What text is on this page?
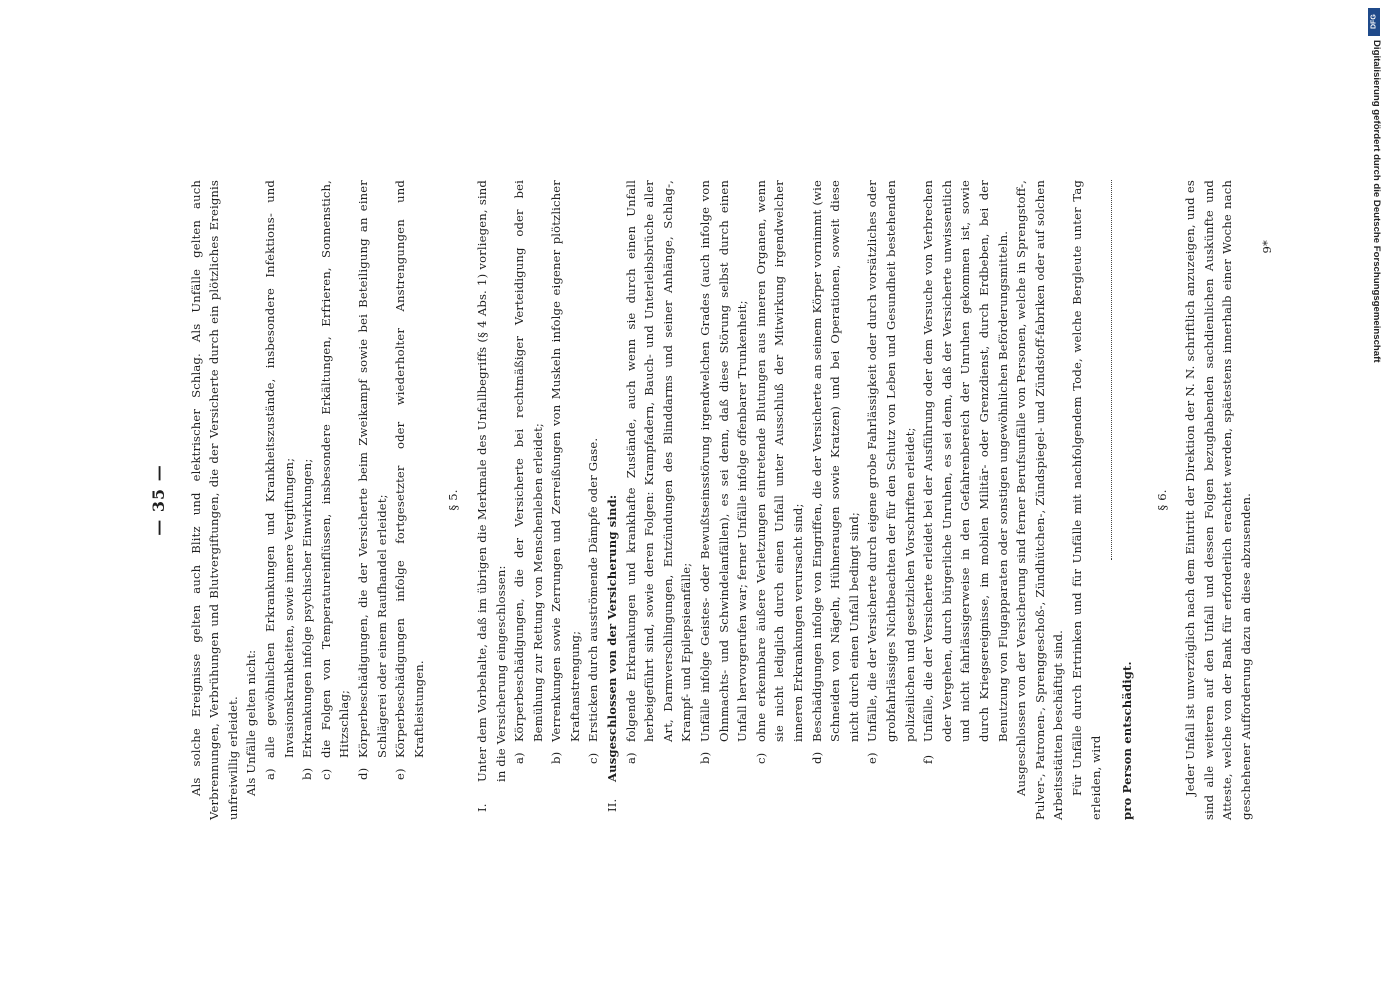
— 35 — Als solche Ereignisse gelten auch Blitz und elektrischer Schlag. Als Unfälle gelten auch Verbrennungen, Verbrühungen und Blutvergiftungen, die der Versicherte durch ein plötzliches Ereignis unfreiwillig erleidet. Als Unfälle gelten nicht: a)
alle gewöhnlichen Erkrankungen und Krankheitszustände, insbesondere Infektions- und Invasionskrankheiten, sowie innere Vergiftungen;
b)
Erkrankungen infolge psychischer Einwirkungen;
c)
die Folgen von Temperatureinflüssen, insbesondere Erkältungen, Erfrieren, Sonnenstich, Hitzschlag;
d)
Körperbeschädigungen, die der Versicherte beim Zweikampf sowie bei Beteiligung an einer Schlägerei oder einem Raufhandel erleidet;
e)
Körperbeschädigungen infolge fortgesetzter oder wiederholter Anstrengungen und Kraftleistungen.
§ 5.
I.
Unter dem Vorbehalte, daß im übrigen die Merkmale des Unfallbegriffs (§ 4 Abs. 1) vorliegen, sind in die Versicherung eingeschlossen: a)
Körperbeschädigungen, die der Versicherte bei rechtmäßiger Verteidigung oder bei Bemühung zur Rettung von Menschenleben erleidet;
b)
Verrenkungen sowie Zerrungen und Zerreißungen von Muskeln infolge eigener plötzlicher Kraftanstrengung;
c)
Ersticken durch ausströmende Dämpfe oder Gase.
II.
Ausgeschlossen von der Versicherung sind: a)
folgende Erkrankungen und krankhafte Zustände, auch wenn sie durch einen Unfall herbeigeführt sind, sowie deren Folgen: Krampfadern, Bauch- und Unterleibsbrüche aller Art, Darmverschlingungen, Entzündungen des Blinddarms und seiner Anhänge, Schlag-, Krampf- und Epilepsieanfälle;
b)
Unfälle infolge Geistes- oder Bewußtseinsstörung irgendwelchen Grades (auch infolge von Ohnmachts- und Schwindelanfällen), es sei denn, daß diese Störung selbst durch einen Unfall hervorgerufen war; ferner Unfälle infolge offenbarer Trunkenheit;
c)
ohne erkennbare äußere Verletzungen eintretende Blutungen aus inneren Organen, wenn sie nicht lediglich durch einen Unfall unter Ausschluß der Mitwirkung irgendwelcher inneren Erkrankungen verursacht sind;
d)
Beschädigungen infolge von Eingriffen, die der Versicherte an seinem Körper vornimmt (wie Schneiden von Nägeln, Hühneraugen sowie Kratzen) und bei Operationen, soweit diese nicht durch einen Unfall bedingt sind;
e)
Unfälle, die der Versicherte durch eigene grobe Fahrlässigkeit oder durch vorsätzliches oder grobfahrlässiges Nichtbeachten der für den Schutz von Leben und Gesundheit bestehenden polizeilichen und gesetzlichen Vorschriften erleidet;
f)
Unfälle, die der Versicherte erleidet bei der Ausführung oder dem Versuche von Verbrechen oder Vergehen, durch bürgerliche Unruhen, es sei denn, daß der Versicherte unwissentlich und nicht fahrlässigerweise in den Gefahrenbereich der Unruhen gekommen ist, sowie durch Kriegsereignisse, im mobilen Militär- oder Grenzdienst, durch Erdbeben, bei der Benutzung von Flugapparaten oder sonstigen ungewöhnlichen Beförderungsmitteln. Ausgeschlossen von der Versicherung sind ferner Berufsunfälle von Personen, welche in Sprengstoff-, Pulver-, Patronen-, Sprenggeschoß-, Zündhütchen-, Zündspiegel- und Zündstoff-fabriken oder auf solchen Arbeitsstätten beschäftigt sind. Für Unfälle durch Ertrinken und für Unfälle mit nachfolgendem Tode, welche Bergleute unter Tag erleiden, wird pro Person entschädigt.

§ 6. Jeder Unfall ist unverzüglich nach dem Eintritt der Direktion der N. N. schriftlich anzuzeigen, und es sind alle weiteren auf den Unfall und dessen Folgen bezughabenden sachdienlichen Auskünfte und Atteste, welche von der Bank für erforderlich erachtet werden, spätestens innerhalb einer Woche nach geschehener Aufforderung dazu an diese abzusenden.

9*
DFG
Digitalisierung gefördert durch die Deutsche Forschungsgemeinschaft
